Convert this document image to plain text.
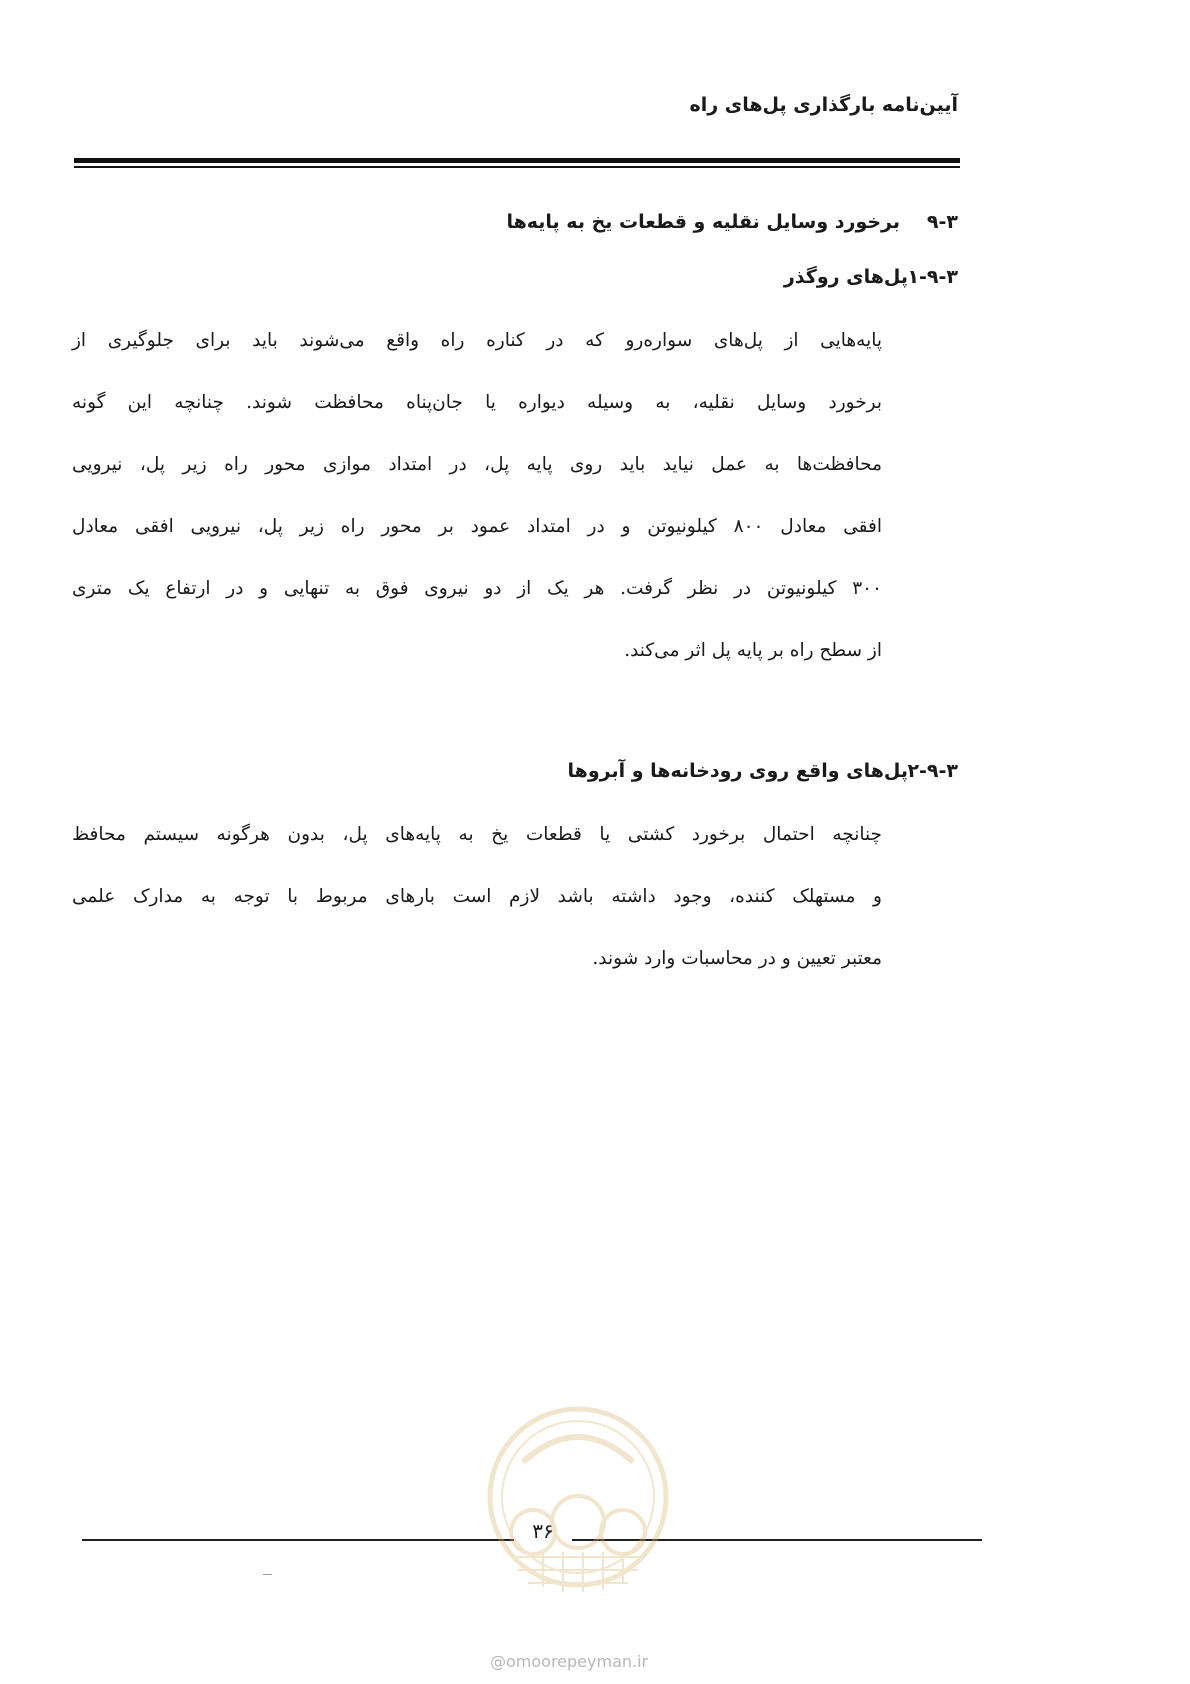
آیین‌نامه بارگذاری پل‌های راه
۹-۳
برخورد وسایل نقلیه و قطعات یخ به پایه‌ها
۱-۹-۳
پل‌های روگذر
پایه‌هایی از پل‌های سواره‌رو که در کناره راه واقع می‌شوند باید برای جلوگیری از
برخورد وسایل نقلیه، به وسیله دیواره یا جان‌پناه محافظت شوند. چنانچه این گونه
محافظت‌ها به عمل نیاید باید روی پایه پل، در امتداد موازی محور راه زیر پل، نیرویی
افقی معادل ۸۰۰ کیلونیوتن و در امتداد عمود بر محور راه زیر پل، نیرویی افقی معادل
۳۰۰ کیلونیوتن در نظر گرفت. هر یک از دو نیروی فوق به تنهایی و در ارتفاع یک متری
از سطح راه بر پایه پل اثر می‌کند.
۲-۹-۳
پل‌های واقع روی رودخانه‌ها و آبروها
چنانچه احتمال برخورد کشتی یا قطعات یخ به پایه‌های پل، بدون هرگونه سیستم محافظ
و مستهلک کننده، وجود داشته باشد لازم است بارهای مربوط با توجه به مدارک علمی
معتبر تعیین و در محاسبات وارد شوند.
۳۶
@omoorepeyman.ir
